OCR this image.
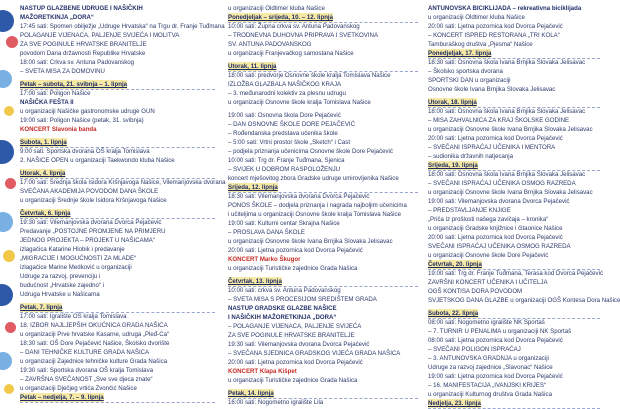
NASTUP GLAZBENE UDRUGE I NAŠIČKIH
MAŽORETKINJA „DORA“
17:45 sati: Spomen obilježje „Udruge Hrvatska“ na Trgu dr. Franje Tuđmana
POLAGANJE VIJENACA, PALJENJE SVIJEĆA I MOLITVA
ZA SVE POGINULE HRVATSKE BRANITELJE
povodom Dana državnosti Republike Hrvatske
18:00 sati: Crkva sv. Antuna Padovanskog
– SVETA MISA ZA DOMOVINU
Petak – subota, 21. svibnja – 1. lipnja
17:00 sati: Poligon Našice
NAŠIČKA FEŠTA II
u organizaciji Našičke gastronomske udruge GUN
19:00 sati: Poligon Našice (petak, 31. svibnja)
KONCERT Slavonia banda
Subota, 1. lipnja
9:00 sati: Sportska dvorana OŠ kralja Tomislava
2. NAŠICE OPEN u organizaciji Taekwondo kluba Našice
Utorak, 4. lipnja
17:00 sati: Srednja škola Isidora Kršnjavoga Našice, Vilemanjovska dvorana
SVEČANA AKADEMIJA POVODOM DANA ŠKOLE
u organizaciji Srednje škole Isidora Kršnjavoga Našice
Četvrtak, 6. lipnja
19:30 sati: Vilemanjovska dvorana Dvorca Pejačević
Predavanje „POSTOJNE PROMJENE NA PRIMJERU
JEDNOG PROJEKTA – PROJEKT U NAŠICAMA“
izlagačica Katarine Hlobik i predavanje
„MIGRACIJE I MOGUĆNOSTI ZA MLADE“
izlagačice Marine Medković u organizaciji
Udruge za razvoj, prevenciju i
budućnost „Hrvatske zajedno“ i
Udruga Hrvatske u Našicama
Petak, 7. lipnja
17:00 sati: Igralište OŠ kralja Tomislava
18. IZBOR NAJLJEPŠIH OKUĆNICA GRADA NAŠICA
u organizaciji Prve hrvatske Kasarne, udruga „Pleđ-Ca“
18:30 sati: OŠ Dore Pejačević Našice, Školsko dvorište
– DANI TEHNIČKE KULTURE GRADA NAŠICA
u organizaciji Zajednice tehničke kulture Grada Našica
19:30 sati: Sportska dvorana OŠ kralja Tomislava
– ZAVRŠNA SVEČANOST „Sve sve djeca znate“
u organizaciji Dječjeg vrtića Zvončić Našice
Petak – nedjelja, 7. – 9. lipnja
u organizaciji Oldtimer kluba Našice
Ponedjeljak – srijeda, 10. – 12. lipnja
10:00 sati: Župna crkva sv. Antuna Padovanskog
– TRODNEVNA DUHOVNA PRIPRAVA I SVETKOVINA
SV. ANTUNA PADOVANSKOG
u organizaciji Franjevačkog samostana Našice
Utorak, 11. lipnja
18:00 sati: predvorje Osnovne škole kralja Tomislava Našice
IZLOŽBA GLAZBALA NAŠIČKOG KRAJA
– 3. međunarodni kolektiv za plesnu udrugu
u organizaciji Osnovne škole kralja Tomislava Našice
19:00 sati: Osnovna škola Dore Pejačević
– DAN OSNOVNE ŠKOLE DORE PEJAČEVIĆ
– Rođendanska predstava učenika škole
– 5:00 sati: Vrtni prostor škole „Sketch“ i Cast
– podjela priznanja učenicima Osnovne škole Dore Pejačević
10:00 sati: Trg dr. Franje Tuđmana, Sjenica
– SVIJEK U DOBROM RASPOLOŽENJU
koncert mješovitog zbora Gradske udruge umirovljenika Našice
Srijeda, 12. lipnja
18:30 sati: Vilemanjovska dvorana Dvorca Pejačević
PONOS ŠKOLE – dodjela priznanja i nagrada najboljim učenicima
i učiteljima u organizaciji Osnovne škole kralja Tomislava Našice
19:00 sati: Kulturni centar Skrajna Našice
– PROSLAVA DANA ŠKOLE
u organizaciji Osnovne škole Ivana Brnjika Slovaka Jelisavac
20:00 sati: Ljetna pozornica kod Dvorca Pejačević
KONCERT Marko Škugor
u organizaciji Turističke zajednice Grada Našica
Četvrtak, 13. lipnja
10:00 sati: crkva sv. Antuna Padovanskog
– SVETA MISA S PROCESIJOM SREDIŠTEM GRADA
NASTUP GRADSKE GLAZBE NAŠICE
I NAŠIČKIH MAŽORETKINJA „DORA“
– POLAGANJE VIJENACA, PALJENJE SVIJEĆA
ZA SVE POGINULE HRVATSKE BRANITELJE
19:30 sati: Vilemanjovska dvorana Dvorca Pejačević
– SVEČANA SJEDNICA GRADSKOG VIJEĆA GRADA NAŠICA
20:00 sati: Ljetna pozornica kod Dvorca Pejačević
KONCERT Klapa Kišpet
u organizaciji Turističke zajednice Grada Našica
Petak, 14. lipnja
16:00 sati: Nogometno igralište Lila
ANTUNOVSKA BICIKLIJADA – rekreativna biciklijada
u organizaciji Oldtimer kluba Našice
20:00 sati: Ljetna pozornica kod Dvorca Pejačević
– KONCERT ISPRED RESTORANA „TRI KOLA“
Tamburaškog društva „Pjesma“ Našice
Ponedjeljak, 17. lipnja
18:30 sati: Osnovna škola Ivana Brnjika Slovaka Jelisavac
– Školsko sportska dvorana
SPORTSKI DAN u organizaciji
Osnovne škole Ivana Brnjika Slovaka Jelisavac
Utorak, 18. lipnja
18:00 sati: Osnovna škola Ivana Brnjika Slovaka Jelisavac
– MISA ZAHVALNICA ZA KRAJ ŠKOLSKE GODINE
u organizaciji Osnovne škole Ivana Brnjika Slovaka Jelisavac
20:00 sati: Ljetna pozornica kod Dvorca Pejačević
– SVEČANI ISPRAĆAJ UČENIKA I MENTORA
– sudionika državnih natjecanja
Srijeda, 19. lipnja
18:00 sati: Osnovna škola Ivana Brnjika Slovaka Jelisavac
– SVEČANI ISPRAĆAJ UČENIKA OSMOG RAZREDA
u organizaciji Osnovne škole Ivana Brnjika Slovaka Jelisavac
19:00 sati: Vilemanjovska dvorana Dvorca Pejačević
– PREDSTAVLJANJE KNJIGE
„Priča iz prošlosti našega zavičaja – kronika“
u organizaciji Gradske knjižnice i čitaonice Našice
20:00 sati: Ljetna pozornica kod Dvorca Pejačević
SVEČANI ISPRAĆAJ UČENIKA OSMOG RAZREDA
u organizaciji Osnovne škole Dore Pejačević
Četvrtak, 20. lipnja
19:00 sati: Trg dr. Franje Tuđmana, Terasa kod Dvorca Pejačević
ZAVRŠNI KONCERT UČENIKA I UČITELJA
OGŠ KONTISA DORA POVODOM
SVJETSKOG DANA GLAZBE u organizaciji OGŠ Kontesa Dora Našice
Subota, 22. lipnja
08:00 sati: Nogometno igralište NK Sportaš
– 7. TURNIR U PENALIMA u organizaciji NK Sportaš
08:00 sati: Ljetna pozornica kod Dvorca Pejačević
– SVEČANI POLIGON ISPRAĆAJ
– 3. ANTUNOVSKA GRADNJA u organizaciji
Udruge za razvoj zajednice „Slavonac“ Našice
19:00 sati: Ljetna pozornica kod Dvorca Pejačević
– 16. MANIFESTACIJA „IVANJSKI KRIJES“
u organizaciji Kulturnog društva Grada Našica
Nedjelja, 23. lipnja
